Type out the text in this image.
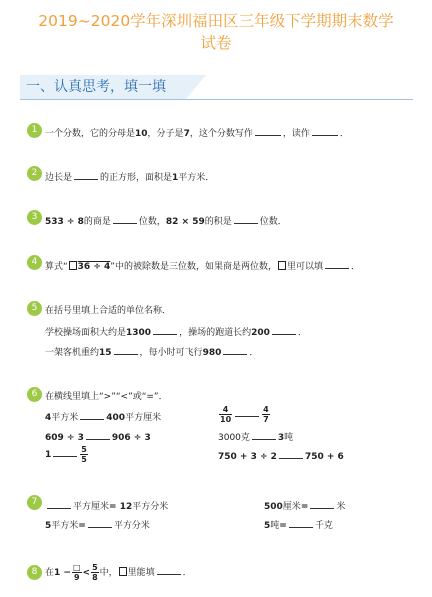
2019~2020学年深圳福田区三年级下学期期末数学
试卷
一、认真思考，填一填
1 一个分数，它的分母是10，分子是7，这个分数写作	，读作	．
2 边长是	的正方形，面积是1平方米．
3 533 ÷ 8的商是	位数，82 × 59的积是	位数．
4 算式“ 36 ÷ 4”中的被除数是三位数，如果商是两位数， 里可以填	．
5 在括号里填上合适的单位名称．
学校操场面积大约是1300	，操场的跑道长约200	．
一架客机重约15	，每小时可飞行980	．
6 在横线里填上“>”“<”或“=”．
4平方米	400平方厘米	$\frac{4}{10}$	$\frac{4}{7}$
609 ÷ 3	906 ÷ 3	3000克	3吨
1	$\frac{5}{5}$	750 + 3 ÷ 2	750 + 6
7	平方厘米= 12平方分米	500厘米=	米
5平方米=	平方分米	5吨=	千克
8 在$1 - \frac{□}{9} < \frac{5}{8}$ 中， 里能填	．
